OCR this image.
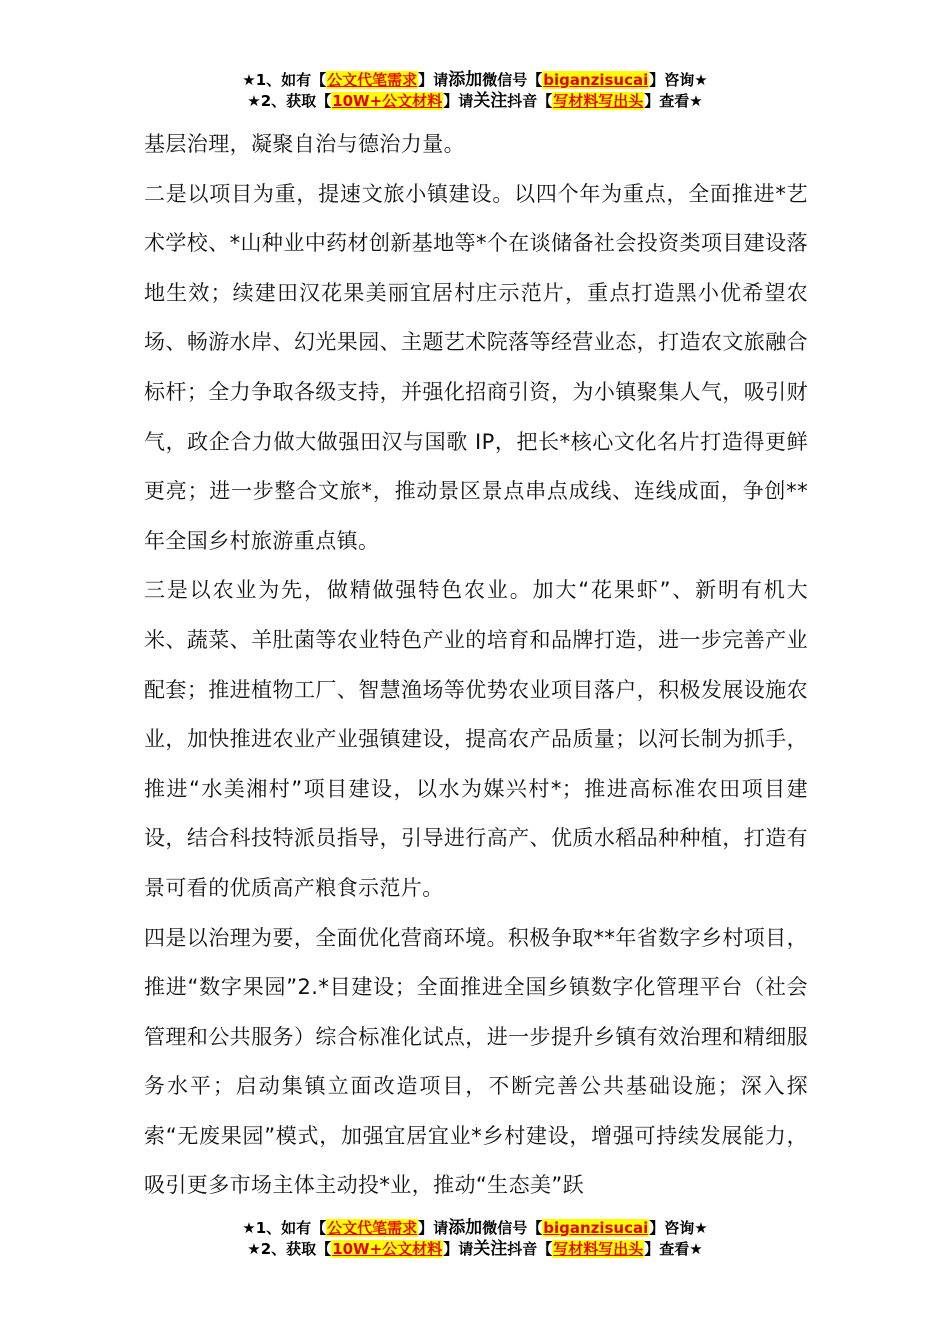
★1、如有【公文代笔需求】请添加微信号【biganzisucai】咨询★
★2、获取【10W+公文材料】请关注抖音【写材料写出头】查看★

基层治理，凝聚自治与德治力量。

二是以项目为重，提速文旅小镇建设。以四个年为重点，全面推进*艺术学校、*山种业中药材创新基地等*个在谈储备社会投资类项目建设落地生效；续建田汉花果美丽宜居村庄示范片，重点打造黑小优希望农场、畅游水岸、幻光果园、主题艺术院落等经营业态，打造农文旅融合标杆；全力争取各级支持，并强化招商引资，为小镇聚集人气，吸引财气，政企合力做大做强田汉与国歌 IP，把长*核心文化名片打造得更鲜更亮；进一步整合文旅*，推动景区景点串点成线、连线成面，争创**年全国乡村旅游重点镇。

三是以农业为先，做精做强特色农业。加大“花果虾”、新明有机大米、蔬菜、羊肚菌等农业特色产业的培育和品牌打造，进一步完善产业配套；推进植物工厂、智慧渔场等优势农业项目落户，积极发展设施农业，加快推进农业产业强镇建设，提高农产品质量；以河长制为抓手，推进“水美湘村”项目建设，以水为媒兴村*；推进高标准农田项目建设，结合科技特派员指导，引导进行高产、优质水稻品种种植，打造有景可看的优质高产粮食示范片。

四是以治理为要，全面优化营商环境。积极争取**年省数字乡村项目，推进“数字果园”2.*目建设；全面推进全国乡镇数字化管理平台（社会管理和公共服务）综合标准化试点，进一步提升乡镇有效治理和精细服务水平；启动集镇立面改造项目，不断完善公共基础设施；深入探索“无废果园”模式，加强宜居宜业*乡村建设，增强可持续发展能力，吸引更多市场主体主动投*业，推动“生态美”跃

★1、如有【公文代笔需求】请添加微信号【biganzisucai】咨询★
★2、获取【10W+公文材料】请关注抖音【写材料写出头】查看★
